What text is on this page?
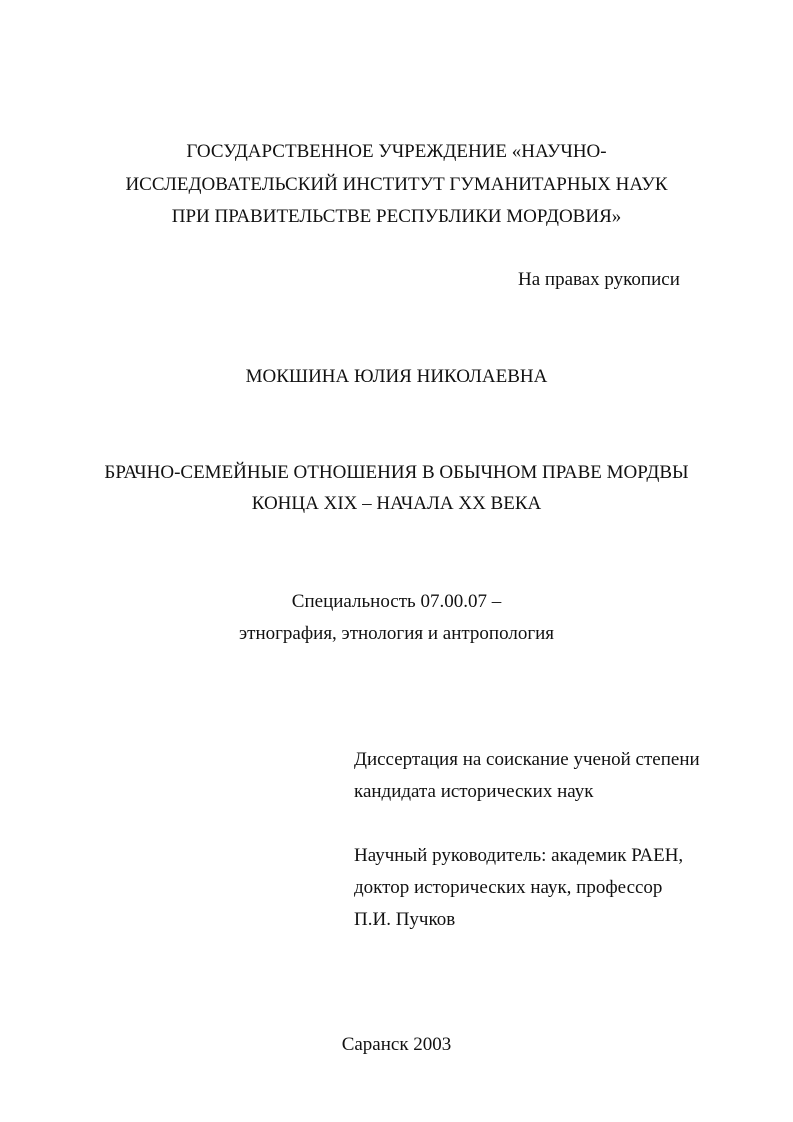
ГОСУДАРСТВЕННОЕ УЧРЕЖДЕНИЕ «НАУЧНО-
ИССЛЕДОВАТЕЛЬСКИЙ ИНСТИТУТ ГУМАНИТАРНЫХ НАУК
ПРИ ПРАВИТЕЛЬСТВЕ РЕСПУБЛИКИ МОРДОВИЯ»
На правах рукописи
МОКШИНА ЮЛИЯ НИКОЛАЕВНА
БРАЧНО-СЕМЕЙНЫЕ ОТНОШЕНИЯ В ОБЫЧНОМ ПРАВЕ МОРДВЫ
КОНЦА XIX – НАЧАЛА XX ВЕКА
Специальность 07.00.07 –
этнография, этнология и антропология
Диссертация на соискание ученой степени
кандидата исторических наук
Научный руководитель: академик РАЕН,
доктор исторических наук, профессор
П.И. Пучков
Саранск 2003
